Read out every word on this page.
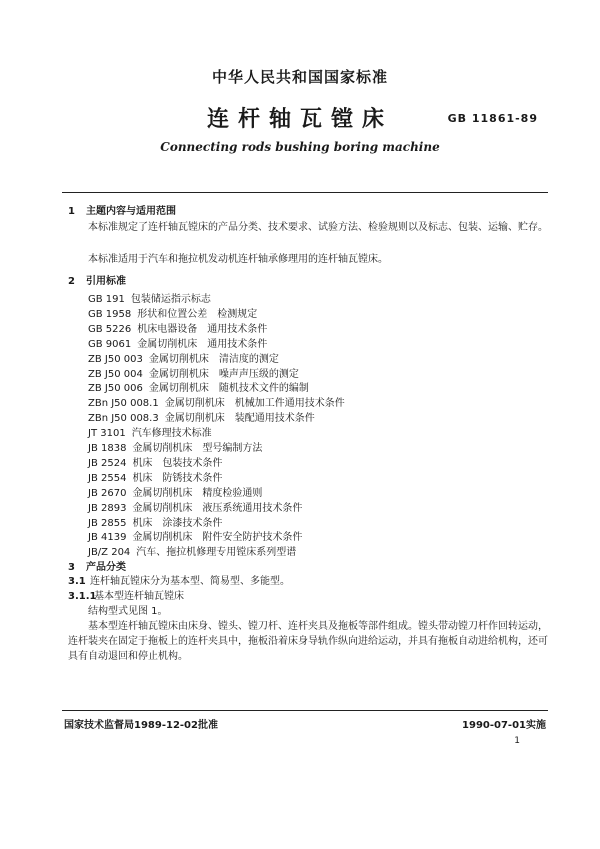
中华人民共和国国家标准
连杆轴瓦镗床	GB 11861-89
Connecting rods bushing boring machine
1 主题内容与适用范围
本标准规定了连杆轴瓦镗床的产品分类、技术要求、试验方法、检验规则以及标志、包装、运输、贮存。
本标准适用于汽车和拖拉机发动机连杆轴承修理用的连杆轴瓦镗床。
2 引用标准
GB 191 包装储运指示标志
GB 1958 形状和位置公差　检测规定
GB 5226 机床电器设备　通用技术条件
GB 9061 金属切削机床　通用技术条件
ZB J50 003 金属切削机床　清洁度的测定
ZB J50 004 金属切削机床　噪声声压级的测定
ZB J50 006 金属切削机床　随机技术文件的编制
ZBn J50 008.1 金属切削机床　机械加工件通用技术条件
ZBn J50 008.3 金属切削机床　装配通用技术条件
JT 3101 汽车修理技术标准
JB 1838 金属切削机床　型号编制方法
JB 2524 机床　包装技术条件
JB 2554 机床　防锈技术条件
JB 2670 金属切削机床　精度检验通则
JB 2893 金属切削机床　液压系统通用技术条件
JB 2855 机床　涂漆技术条件
JB 4139 金属切削机床　附件安全防护技术条件
JB/Z 204 汽车、拖拉机修理专用镗床系列型谱
3 产品分类
3.1 连杆轴瓦镗床分为基本型、简易型、多能型。
3.1.1基本型连杆轴瓦镗床
结构型式见图 1。
基本型连杆轴瓦镗床由床身、镗头、镗刀杆、连杆夹具及拖板等部件组成。镗头带动镗刀杆作回转运动，连杆装夹在固定于拖板上的连杆夹具中，拖板沿着床身导轨作纵向进给运动，并具有拖板自动进给机构，还可具有自动退回和停止机构。
国家技术监督局1989-12-02批准	1990-07-01实施
1
